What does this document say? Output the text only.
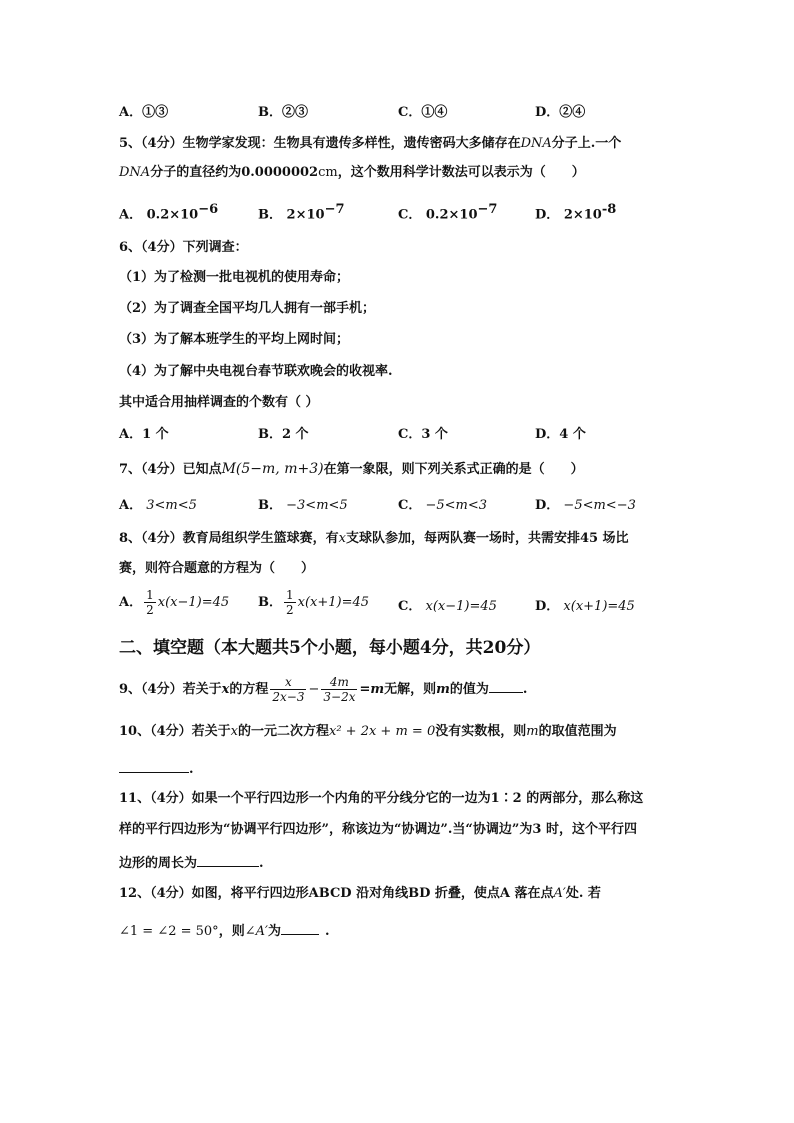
A．①③	B．②③	C．①④	D．②④
5、（4分）生物学家发现：生物具有遗传多样性，遗传密码大多储存在DNA分子上.一个
DNA分子的直径约为0.0000002cm，这个数用科学计数法可以表示为（　　）
A． $0.2\times 10^{-6}$	B． $2\times 10^{-7}$	C． $0.2\times 10^{-7}$	D． $2\times 10^{-8}$
6、（4分）下列调查：
（1）为了检测一批电视机的使用寿命；
（2）为了调查全国平均几人拥有一部手机；
（3）为了解本班学生的平均上网时间；
（4）为了解中央电视台春节联欢晚会的收视率.
其中适合用抽样调查的个数有（ ）
A．1 个	B．2 个	C．3 个	D．4 个
7、（4分）已知点M(5−m, m+3)在第一象限，则下列关系式正确的是（　　）
A． 3<m<5	B． −3<m<5	C． −5<m<3	D． −5<m<−3
8、（4分）教育局组织学生篮球赛，有x支球队参加，每两队赛一场时，共需安排45 场比
赛，则符合题意的方程为（　　）
A． $\frac{1}{2} x(x-1)=45$ B． $\frac{1}{2} x(x+1)=45$ C． x(x−1)=45	D． x(x+1)=45
二、填空题（本大题共5个小题，每小题4分，共20分）
9、（4分）若关于x的方程 $\frac{x}{2x-3} - \frac{4m}{3-2x} =m$无解，则m的值为	.
10、（4分）若关于x的一元二次方程x² + 2x + m = 0没有实数根，则m的取值范围为
.
11、（4分）如果一个平行四边形一个内角的平分线分它的一边为1∶2 的两部分，那么称这
样的平行四边形为“协调平行四边形”，称该边为“协调边”.当“协调边”为3 时，这个平行四
边形的周长为	.
12、（4分）如图，将平行四边形ABCD 沿对角线BD 折叠，使点A 落在点A′处. 若
∠1 = ∠2 = 50°，则∠A′为	.
